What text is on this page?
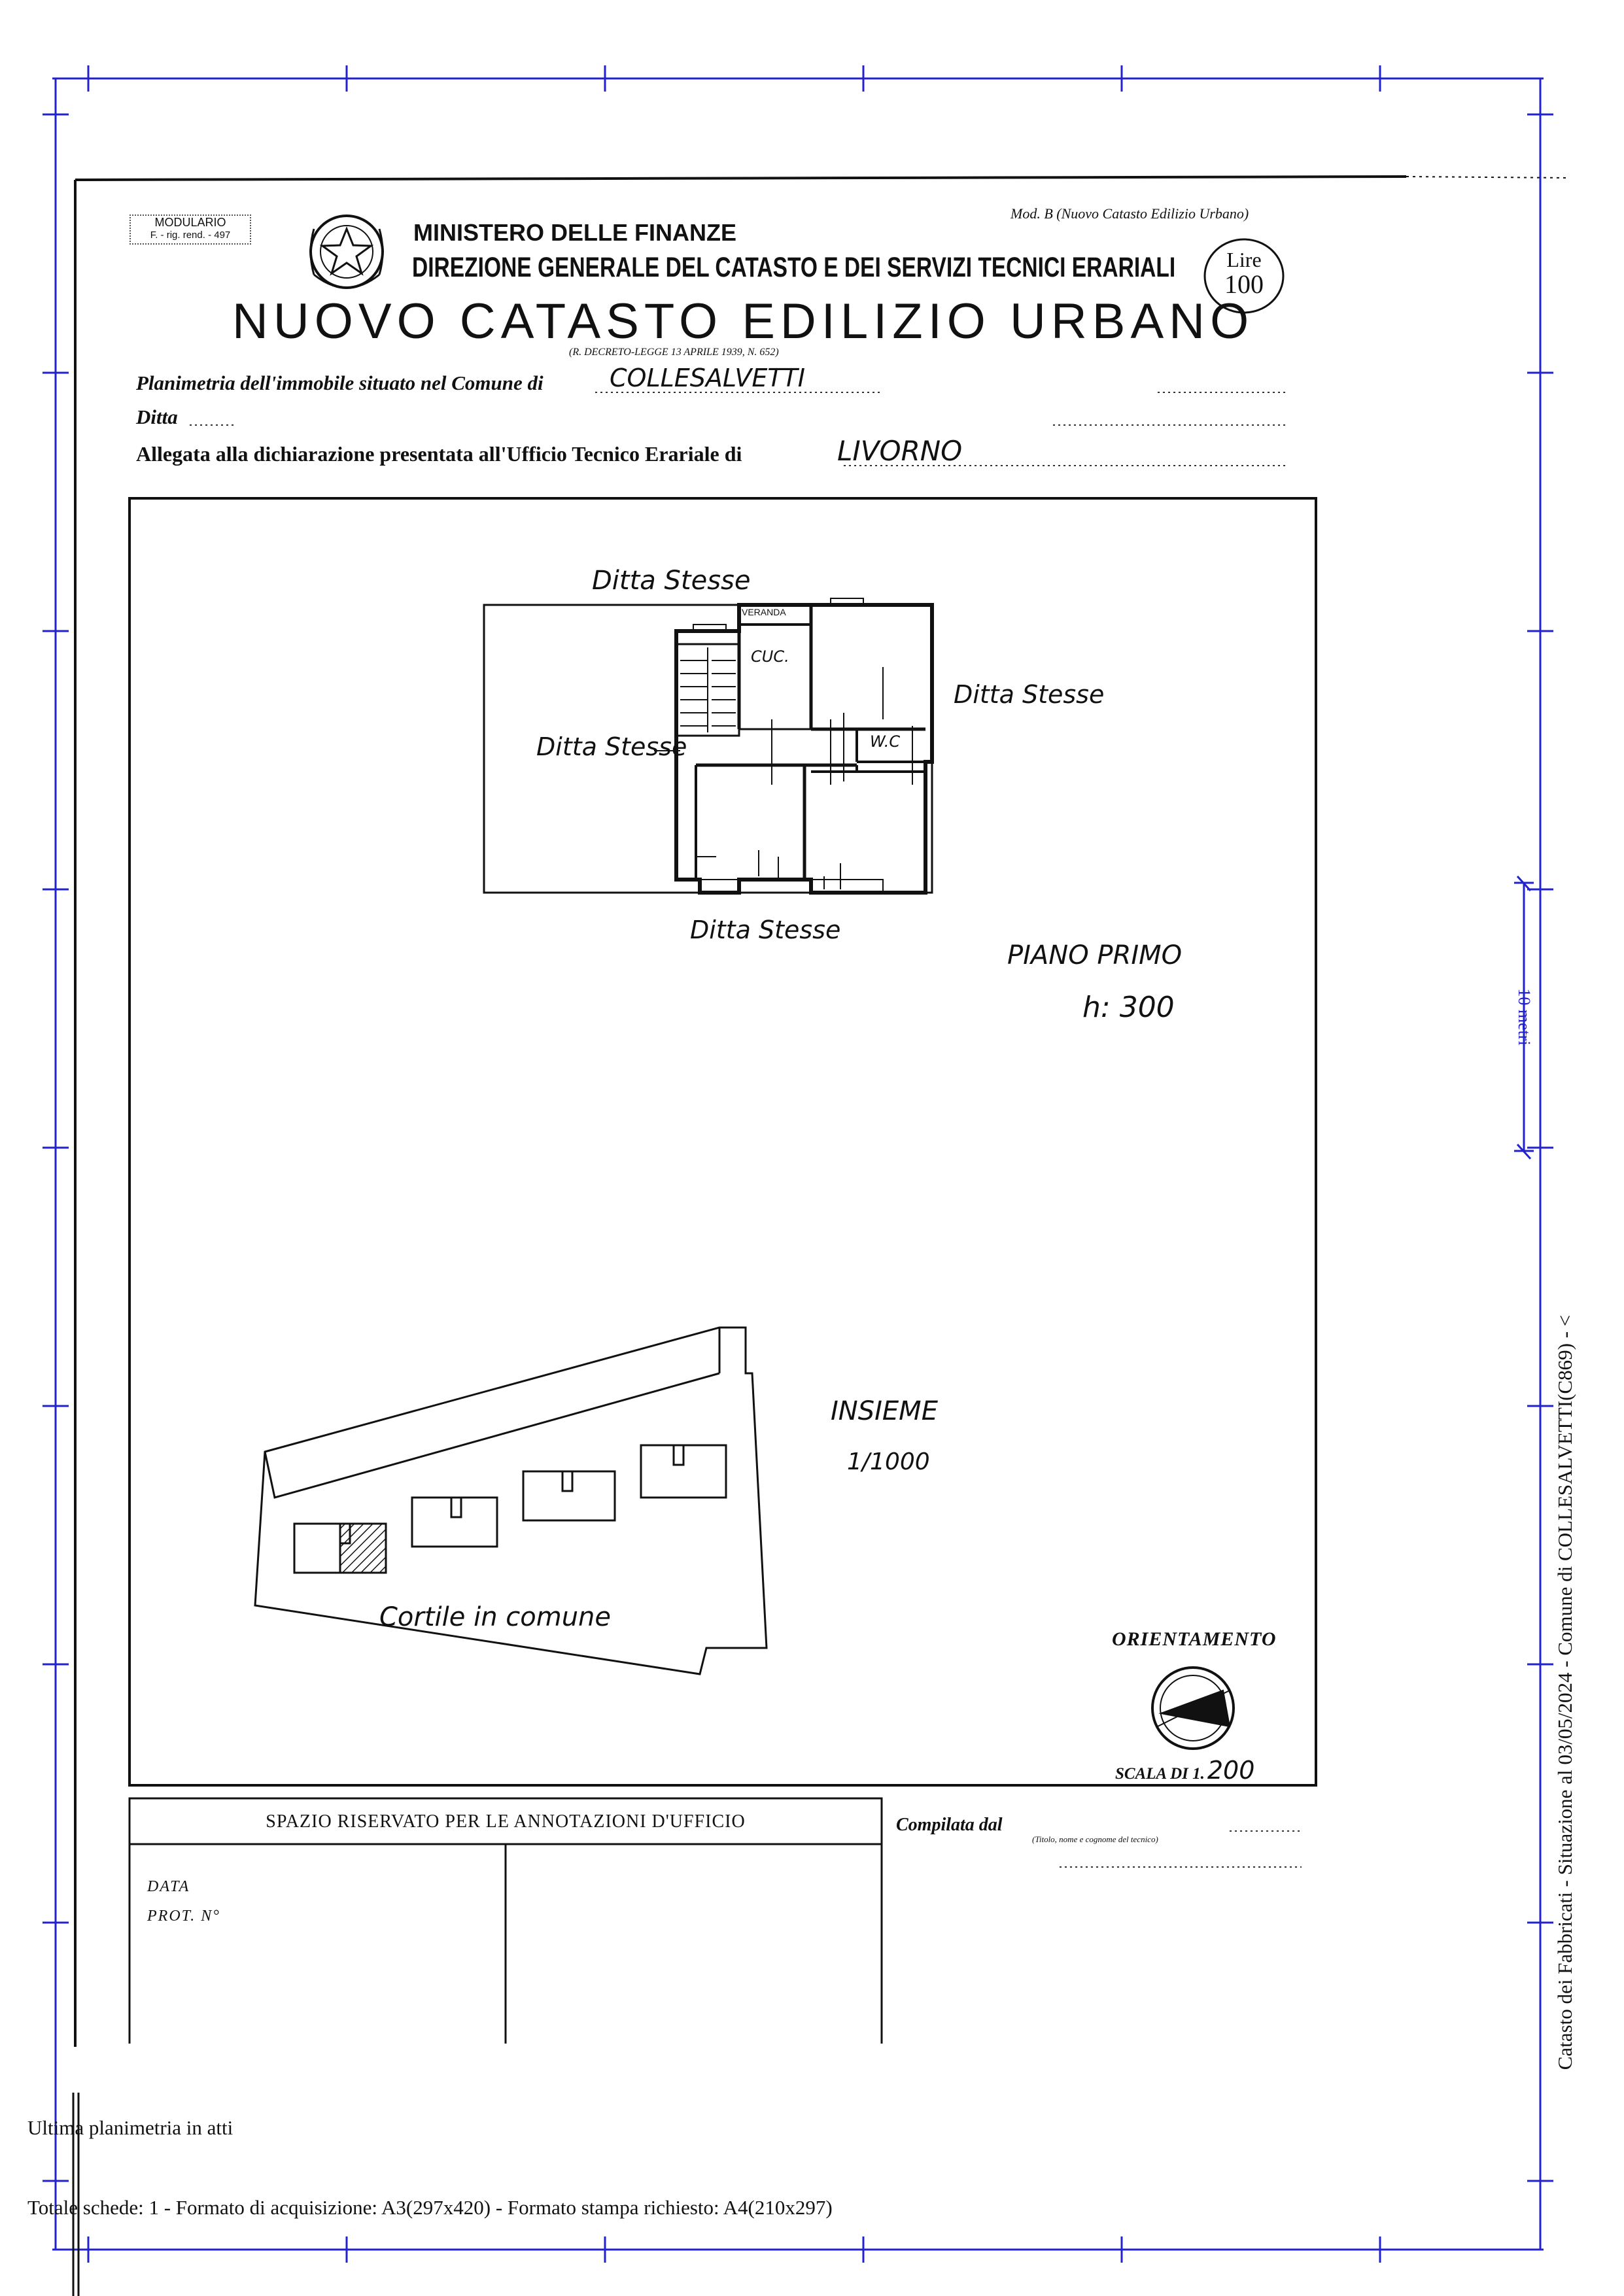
MODULARIO
F. - rig. rend. - 497
Mod. B (Nuovo Catasto Edilizio Urbano)
MINISTERO DELLE FINANZE
DIREZIONE GENERALE DEL CATASTO E DEI SERVIZI TECNICI ERARIALI	Lire
100
NUOVO CATASTO EDILIZIO URBANO
(R. DECRETO-LEGGE 13 APRILE 1939, N. 652)
Planimetria dell'immobile situato nel Comune di	COLLESALVETTI
Ditta
Allegata alla dichiarazione presentata all'Ufficio Tecnico Erariale di	LIVORNO
Ditta Stesse
Ditta Stesse
Ditta Stesse
Ditta Stesse
VERANDA
CUC.
W.C
PIANO PRIMO
h: 300
INSIEME
1/1000
Cortile in comune
ORIENTAMENTO
SCALA DI 1. 200
SPAZIO RISERVATO PER LE ANNOTAZIONI D'UFFICIO
DATA
PROT. N°
Compilata dal
(Titolo, nome e cognome del tecnico)
10 metri
Catasto dei Fabbricati - Situazione al 03/05/2024 - Comune di COLLESALVETTI(C869) - <
Ultima planimetria in atti
Totale schede: 1 - Formato di acquisizione: A3(297x420) - Formato stampa richiesto: A4(210x297)
